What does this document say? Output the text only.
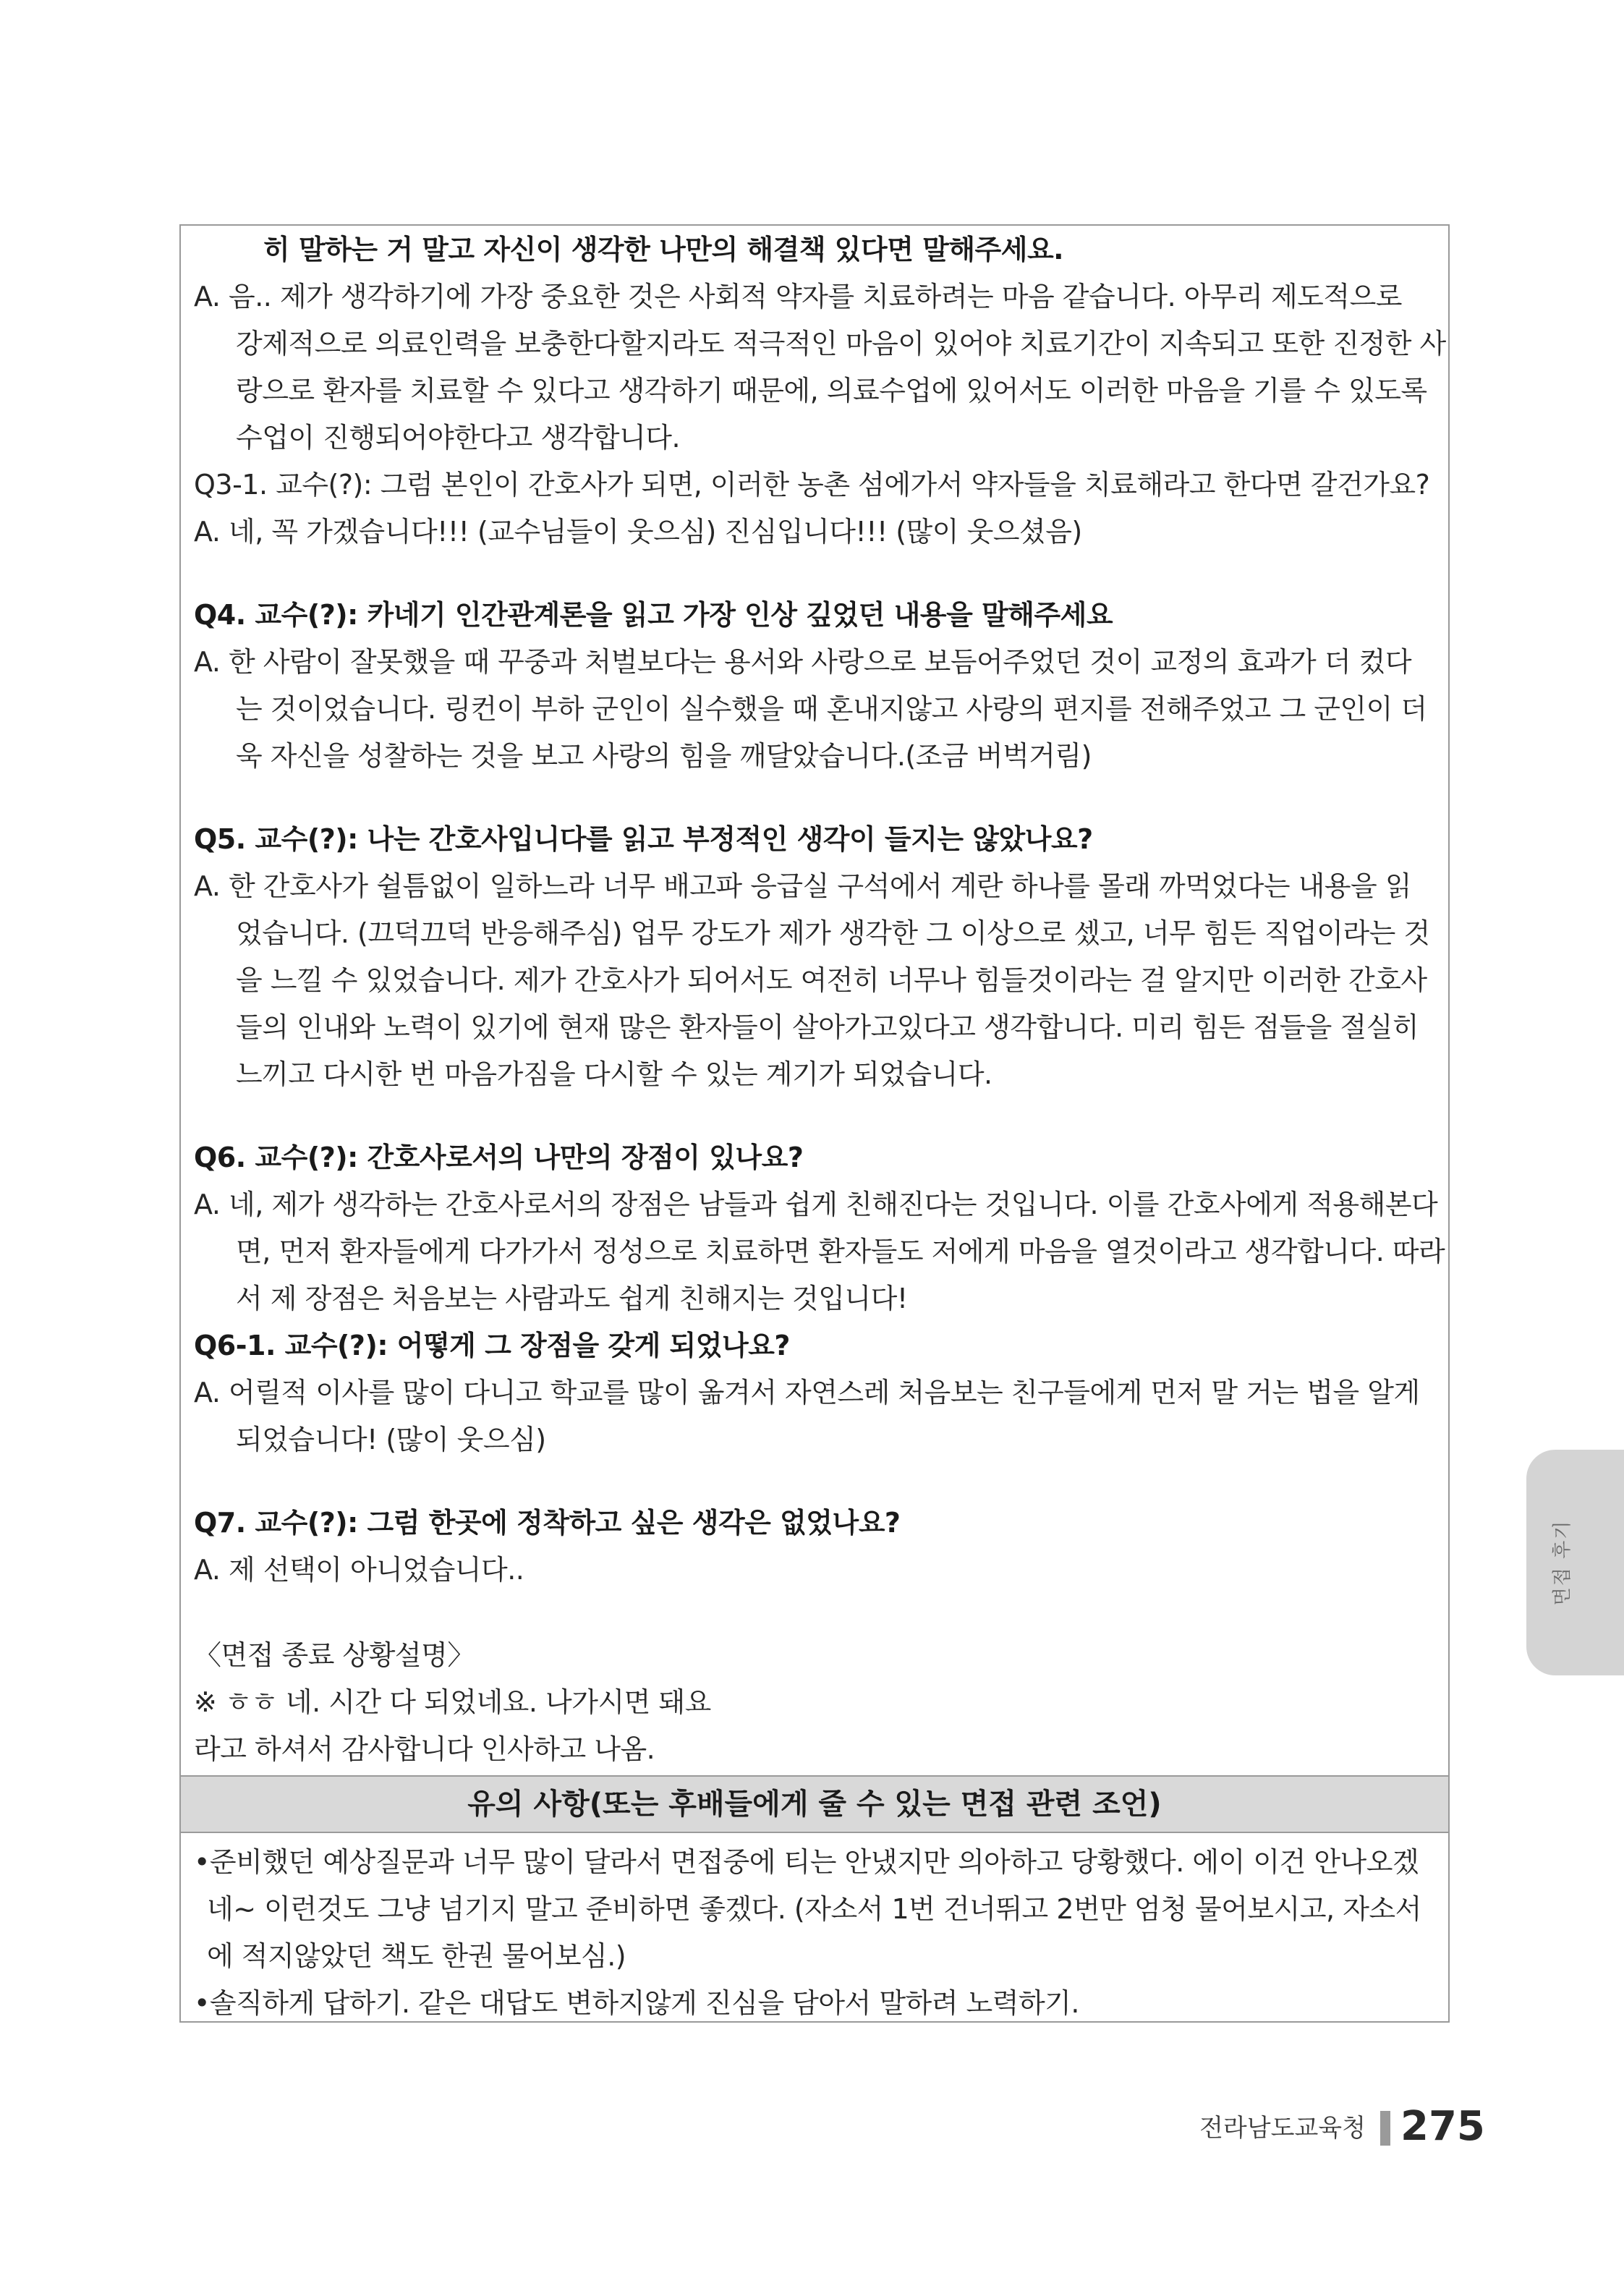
히 말하는 거 말고 자신이 생각한 나만의 해결책 있다면 말해주세요.
A. 음.. 제가 생각하기에 가장 중요한 것은 사회적 약자를 치료하려는 마음 같습니다. 아무리 제도적으로
강제적으로 의료인력을 보충한다할지라도 적극적인 마음이 있어야 치료기간이 지속되고 또한 진정한 사
랑으로 환자를 치료할 수 있다고 생각하기 때문에, 의료수업에 있어서도 이러한 마음을 기를 수 있도록
수업이 진행되어야한다고 생각합니다.
Q3-1. 교수(?): 그럼 본인이 간호사가 되면, 이러한 농촌 섬에가서 약자들을 치료해라고 한다면 갈건가요?
A. 네, 꼭 가겠습니다!!! (교수님들이 웃으심) 진심입니다!!! (많이 웃으셨음)
Q4. 교수(?): 카네기 인간관계론을 읽고 가장 인상 깊었던 내용을 말해주세요
A. 한 사람이 잘못했을 때 꾸중과 처벌보다는 용서와 사랑으로 보듬어주었던 것이 교정의 효과가 더 컸다
는 것이었습니다. 링컨이 부하 군인이 실수했을 때 혼내지않고 사랑의 편지를 전해주었고 그 군인이 더
욱 자신을 성찰하는 것을 보고 사랑의 힘을 깨달았습니다.(조금 버벅거림)
Q5. 교수(?): 나는 간호사입니다를 읽고 부정적인 생각이 들지는 않았나요?
A. 한 간호사가 쉴틈없이 일하느라 너무 배고파 응급실 구석에서 계란 하나를 몰래 까먹었다는 내용을 읽
었습니다. (끄덕끄덕 반응해주심) 업무 강도가 제가 생각한 그 이상으로 셌고, 너무 힘든 직업이라는 것
을 느낄 수 있었습니다. 제가 간호사가 되어서도 여전히 너무나 힘들것이라는 걸 알지만 이러한 간호사
들의 인내와 노력이 있기에 현재 많은 환자들이 살아가고있다고 생각합니다. 미리 힘든 점들을 절실히
느끼고 다시한 번 마음가짐을 다시할 수 있는 계기가 되었습니다.
Q6. 교수(?): 간호사로서의 나만의 장점이 있나요?
A. 네, 제가 생각하는 간호사로서의 장점은 남들과 쉽게 친해진다는 것입니다. 이를 간호사에게 적용해본다
면, 먼저 환자들에게 다가가서 정성으로 치료하면 환자들도 저에게 마음을 열것이라고 생각합니다. 따라
서 제 장점은 처음보는 사람과도 쉽게 친해지는 것입니다!
Q6-1. 교수(?): 어떻게 그 장점을 갖게 되었나요?
A. 어릴적 이사를 많이 다니고 학교를 많이 옮겨서 자연스레 처음보는 친구들에게 먼저 말 거는 법을 알게
되었습니다! (많이 웃으심)
Q7. 교수(?): 그럼 한곳에 정착하고 싶은 생각은 없었나요?
A. 제 선택이 아니었습니다..
〈면접 종료 상황설명〉
※ ㅎㅎ 네. 시간 다 되었네요. 나가시면 돼요
라고 하셔서 감사합니다 인사하고 나옴.
유의 사항(또는 후배들에게 줄 수 있는 면접 관련 조언)
•준비했던 예상질문과 너무 많이 달라서 면접중에 티는 안냈지만 의아하고 당황했다. 에이 이건 안나오겠
네~ 이런것도 그냥 넘기지 말고 준비하면 좋겠다. (자소서 1번 건너뛰고 2번만 엄청 물어보시고, 자소서
에 적지않았던 책도 한권 물어보심.)
•솔직하게 답하기. 같은 대답도 변하지않게 진심을 담아서 말하려 노력하기.
면접 후기
전라남도교육청 275
